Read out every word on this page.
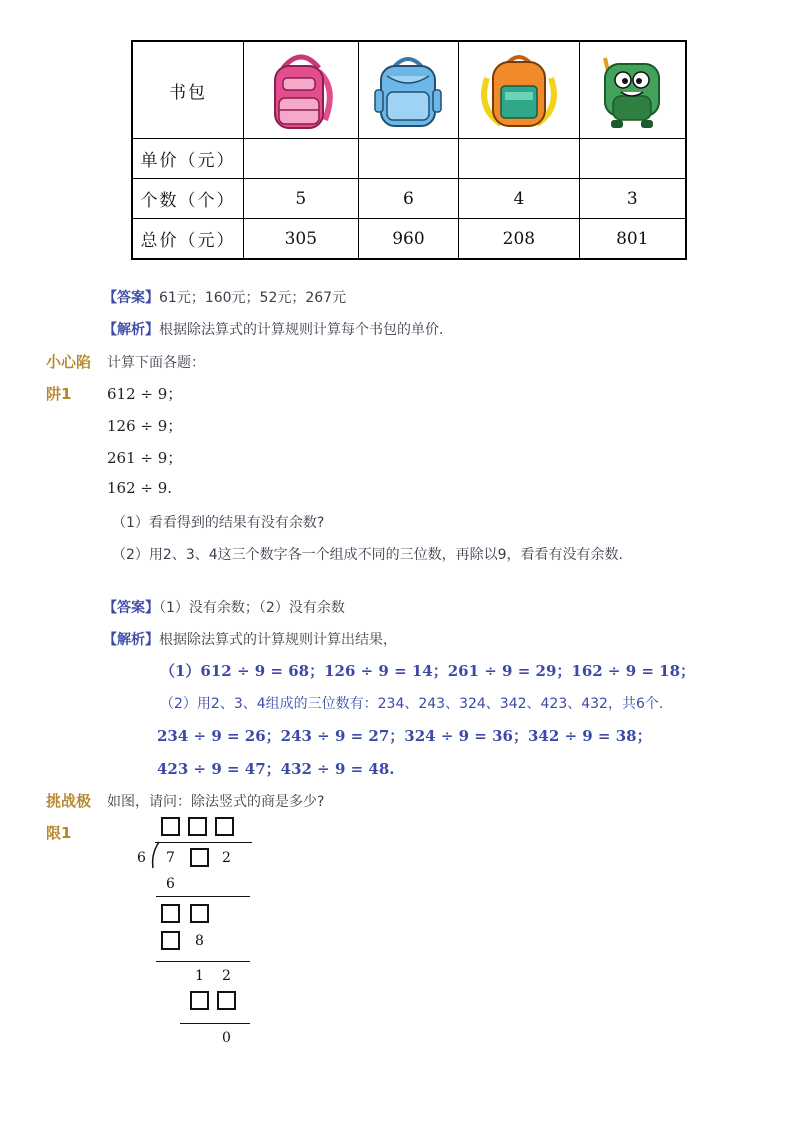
书包	

单价（元）				
个数（个）	5	6	4	3
总价（元）	305	960	208	801
【答案】61元；160元；52元；267元
【解析】根据除法算式的计算规则计算每个书包的单价.
小心陷
阱1
计算下面各题：
612 ÷ 9；
126 ÷ 9；
261 ÷ 9；
162 ÷ 9.
（1）看看得到的结果有没有余数?
（2）用2、3、4这三个数字各一个组成不同的三位数，再除以9，看看有没有余数.
【答案】（1）没有余数；（2）没有余数
【解析】根据除法算式的计算规则计算出结果，
（1）612 ÷ 9 = 68；126 ÷ 9 = 14；261 ÷ 9 = 29；162 ÷ 9 = 18；
（2）用2、3、4组成的三位数有：234、243、324、342、423、432，共6个.
234 ÷ 9 = 26；243 ÷ 9 = 27；324 ÷ 9 = 36；342 ÷ 9 = 38；
423 ÷ 9 = 47；432 ÷ 9 = 48.
挑战极
限1
如图，请问：除法竖式的商是多少?
6 7	2
6
8
1 2
0
